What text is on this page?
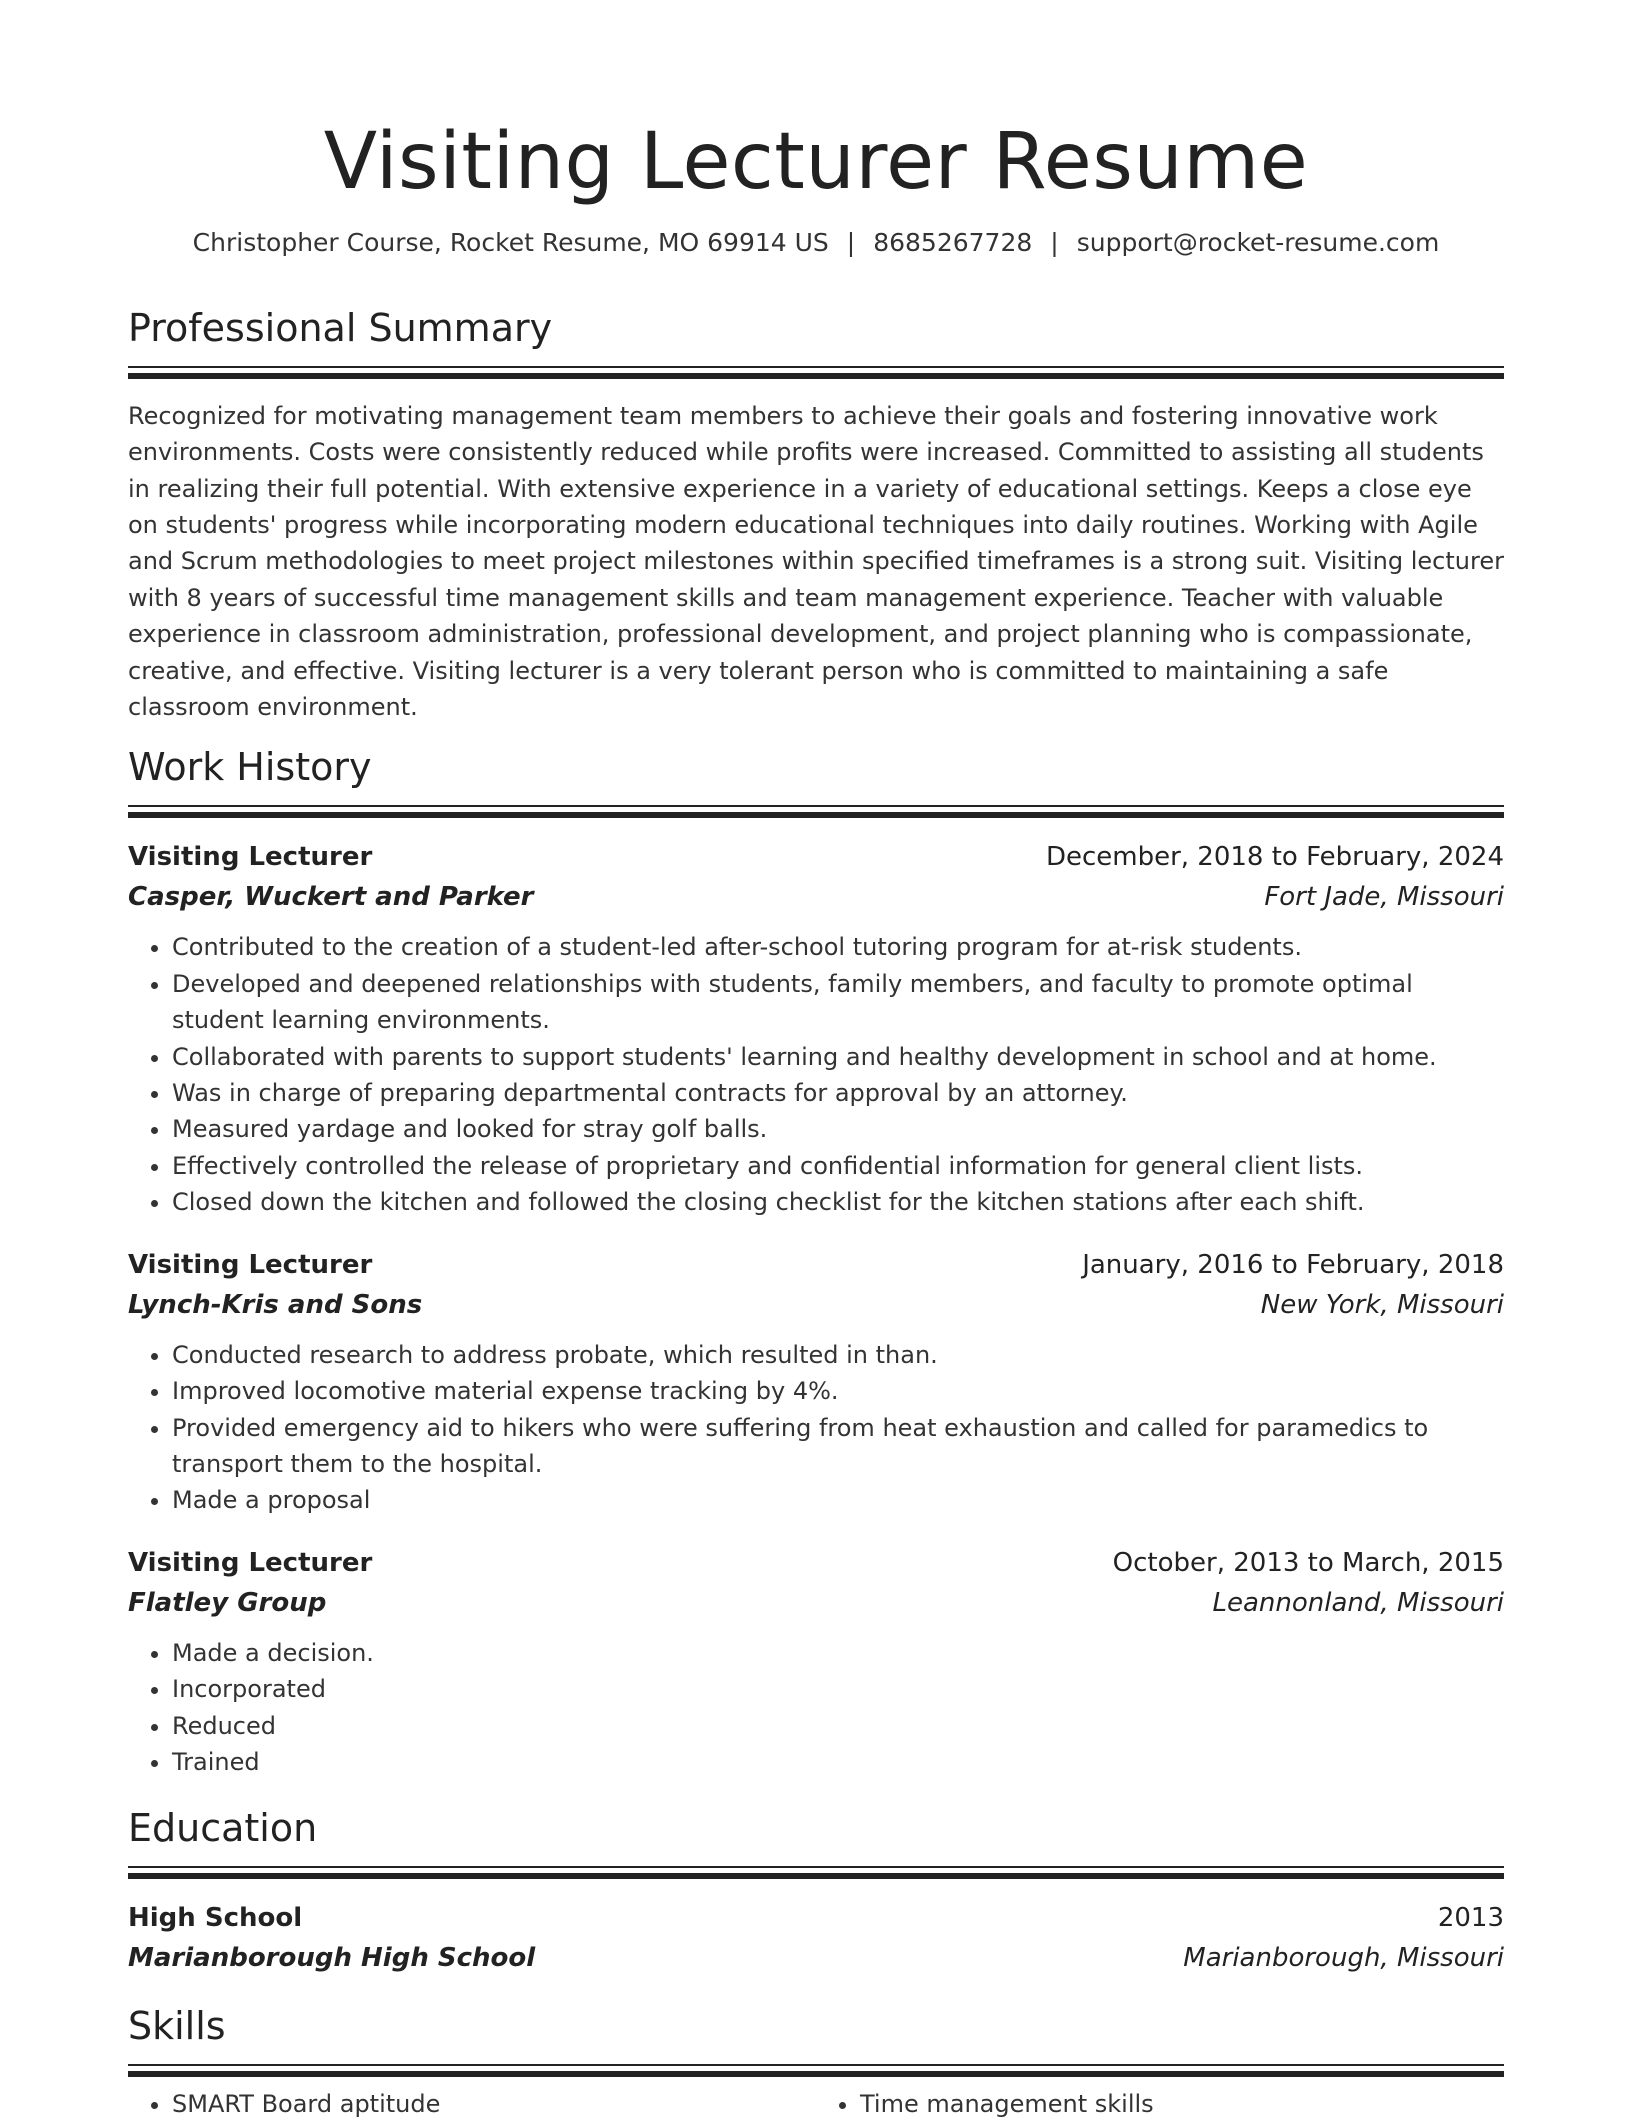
Visiting Lecturer Resume
Christopher Course, Rocket Resume, MO 69914 US | 8685267728 | support@rocket-resume.com
Professional Summary

Recognized for motivating management team members to achieve their goals and fostering innovative work environments. Costs were consistently reduced while profits were increased. Committed to assisting all students in realizing their full potential. With extensive experience in a variety of educational settings. Keeps a close eye on students' progress while incorporating modern educational techniques into daily routines. Working with Agile and Scrum methodologies to meet project milestones within specified timeframes is a strong suit. Visiting lecturer with 8 years of successful time management skills and team management experience. Teacher with valuable experience in classroom administration, professional development, and project planning who is compassionate, creative, and effective. Visiting lecturer is a very tolerant person who is committed to maintaining a safe classroom environment.

Work History
Visiting Lecturer	December, 2018 to February, 2024
Casper, Wuckert and Parker	Fort Jade, Missouri
• Contributed to the creation of a student-led after-school tutoring program for at-risk students.
• Developed and deepened relationships with students, family members, and faculty to promote optimal student learning environments.
• Collaborated with parents to support students' learning and healthy development in school and at home.
• Was in charge of preparing departmental contracts for approval by an attorney.
• Measured yardage and looked for stray golf balls.
• Effectively controlled the release of proprietary and confidential information for general client lists.
• Closed down the kitchen and followed the closing checklist for the kitchen stations after each shift.
Visiting Lecturer	January, 2016 to February, 2018
Lynch-Kris and Sons	New York, Missouri
• Conducted research to address probate, which resulted in than.
• Improved locomotive material expense tracking by 4%.
• Provided emergency aid to hikers who were suffering from heat exhaustion and called for paramedics to transport them to the hospital.
• Made a proposal
Visiting Lecturer	October, 2013 to March, 2015
Flatley Group	Leannonland, Missouri
• Made a decision.
• Incorporated
• Reduced
• Trained
Education
High School	2013
Marianborough High School	Marianborough, Missouri
Skills
• SMART Board aptitude
•	Time management skills
